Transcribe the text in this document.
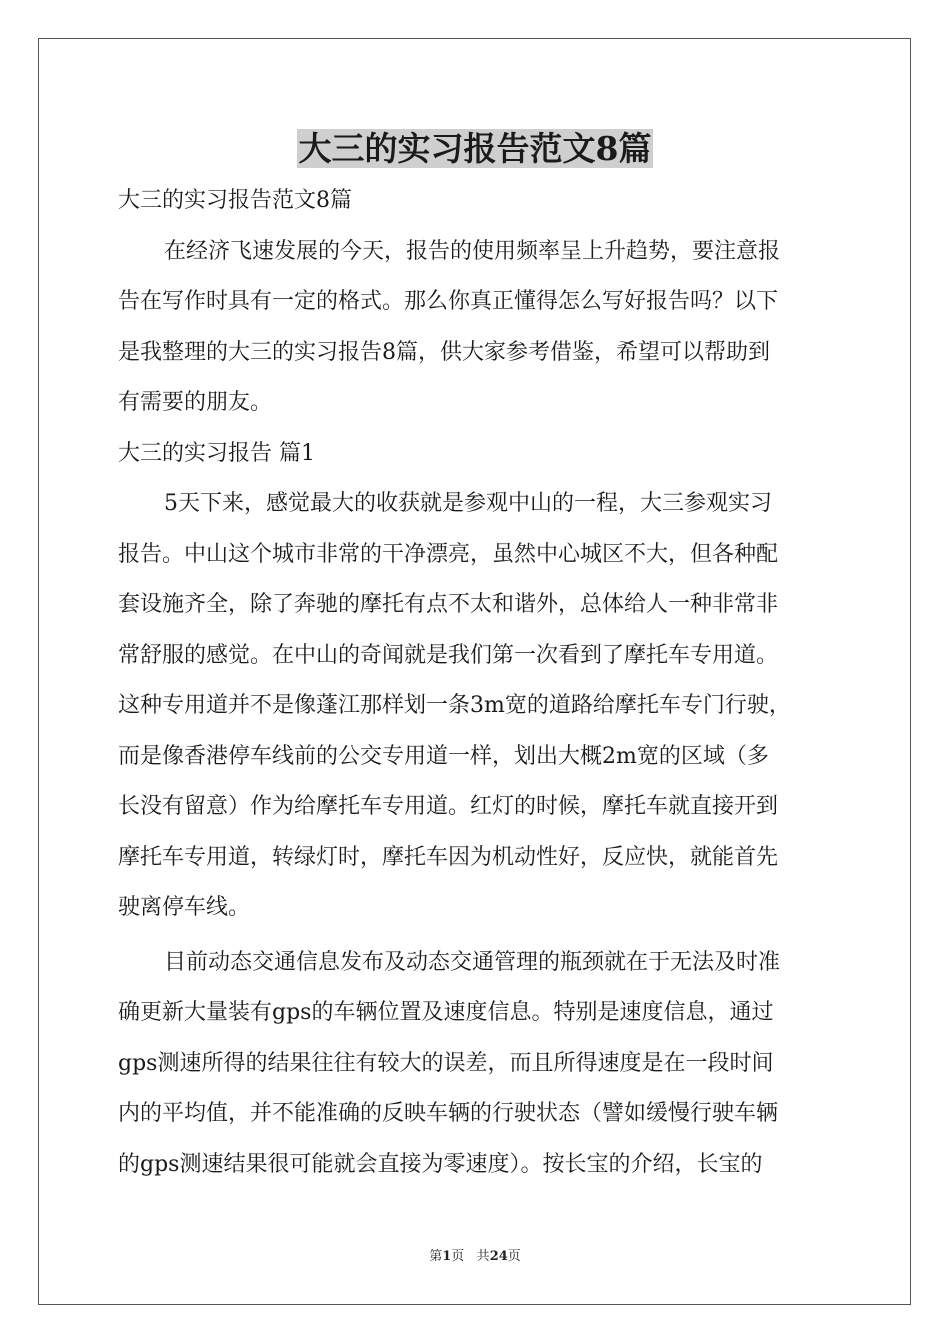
大三的实习报告范文8篇

大三的实习报告范文8篇

在经济飞速发展的今天，报告的使用频率呈上升趋势，要注意报

告在写作时具有一定的格式。那么你真正懂得怎么写好报告吗？以下

是我整理的大三的实习报告8篇，供大家参考借鉴，希望可以帮助到

有需要的朋友。

大三的实习报告 篇1

5天下来，感觉最大的收获就是参观中山的一程，大三参观实习

报告。中山这个城市非常的干净漂亮，虽然中心城区不大，但各种配

套设施齐全，除了奔驰的摩托有点不太和谐外，总体给人一种非常非

常舒服的感觉。在中山的奇闻就是我们第一次看到了摩托车专用道。

这种专用道并不是像蓬江那样划一条3m宽的道路给摩托车专门行驶，

而是像香港停车线前的公交专用道一样，划出大概2m宽的区域（多

长没有留意）作为给摩托车专用道。红灯的时候，摩托车就直接开到

摩托车专用道，转绿灯时，摩托车因为机动性好，反应快，就能首先

驶离停车线。

目前动态交通信息发布及动态交通管理的瓶颈就在于无法及时准

确更新大量装有gps的车辆位置及速度信息。特别是速度信息，通过

gps测速所得的结果往往有较大的误差，而且所得速度是在一段时间

内的平均值，并不能准确的反映车辆的行驶状态（譬如缓慢行驶车辆

的gps测速结果很可能就会直接为零速度）。按长宝的介绍，长宝的

第1页 共24页
